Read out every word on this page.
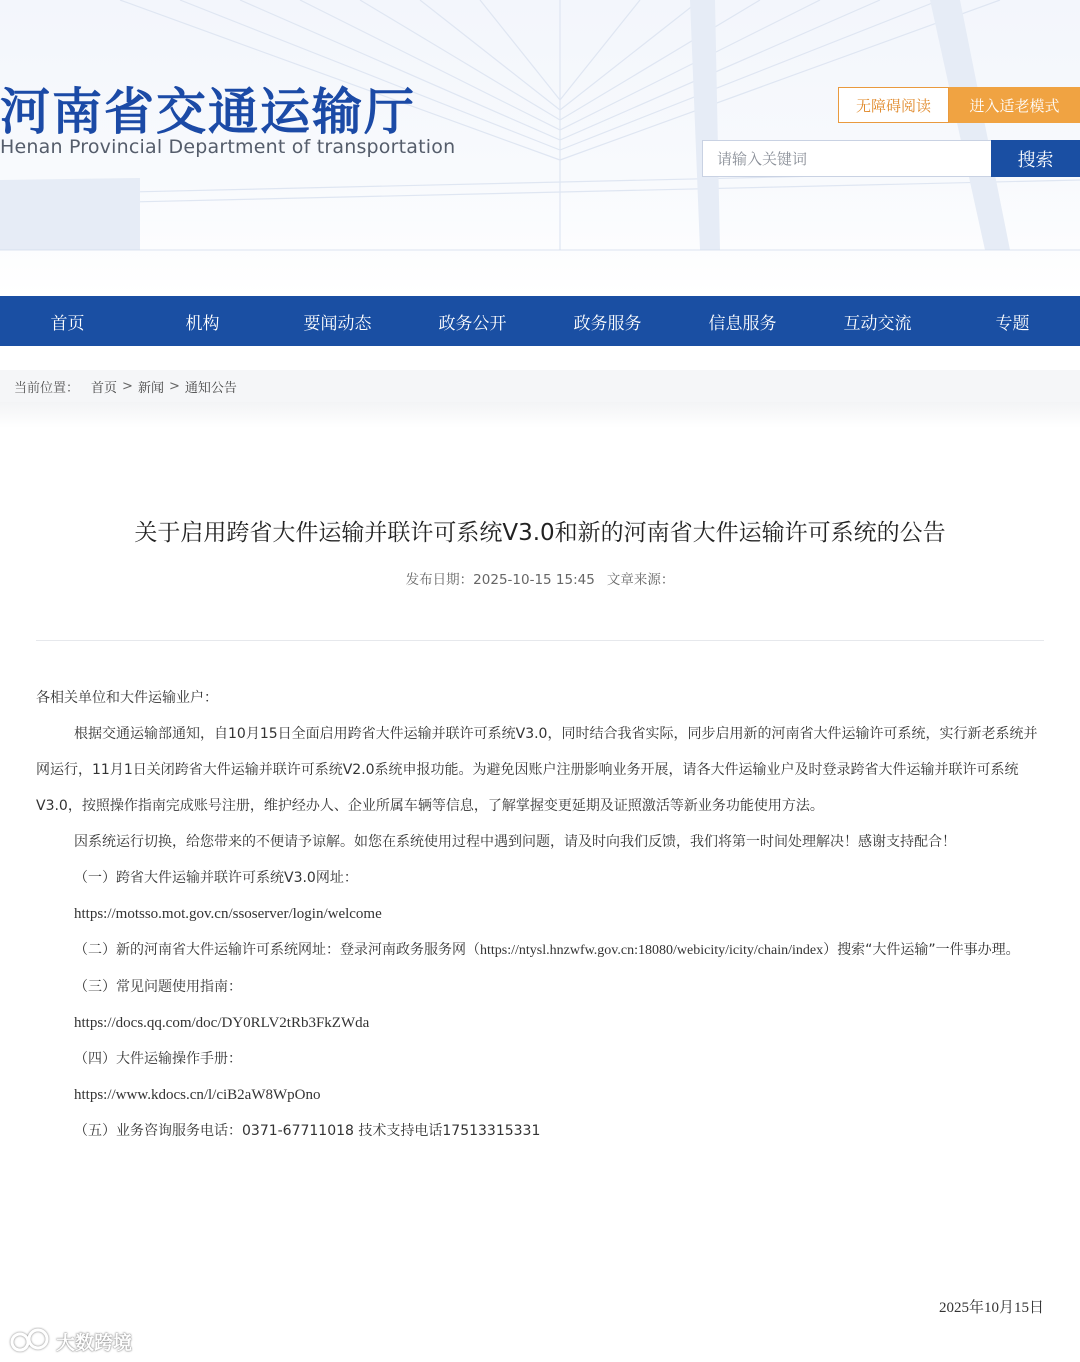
河南省交通运输厅
Henan Provincial Department of transportation
无障碍阅读	进入适老模式
请输入关键词
搜索
首页	机构	要闻动态	政务公开	政务服务	信息服务	互动交流	专题
当前位置： 首页 > 新闻 > 通知公告
关于启用跨省大件运输并联许可系统V3.0和新的河南省大件运输许可系统的公告
发布日期：2025-10-15 15:45 文章来源：

各相关单位和大件运输业户：

根据交通运输部通知，自10月15日全面启用跨省大件运输并联许可系统V3.0，同时结合我省实际，同步启用新的河南省大件运输许可系统，实行新老系统并网运行，11月1日关闭跨省大件运输并联许可系统V2.0系统申报功能。为避免因账户注册影响业务开展，请各大件运输业户及时登录跨省大件运输并联许可系统V3.0，按照操作指南完成账号注册，维护经办人、企业所属车辆等信息，了解掌握变更延期及证照激活等新业务功能使用方法。

因系统运行切换，给您带来的不便请予谅解。如您在系统使用过程中遇到问题，请及时向我们反馈，我们将第一时间处理解决！感谢支持配合！

（一）跨省大件运输并联许可系统V3.0网址：

https://motsso.mot.gov.cn/ssoserver/login/welcome

（二）新的河南省大件运输许可系统网址：登录河南政务服务网（https://ntysl.hnzwfw.gov.cn:18080/webicity/icity/chain/index）搜索“大件运输”一件事办理。

（三）常见问题使用指南：

https://docs.qq.com/doc/DY0RLV2tRb3FkZWda

（四）大件运输操作手册：

https://www.kdocs.cn/l/ciB2aW8WpOno

（五）业务咨询服务电话：0371-67711018 技术支持电话17513315331

2025年10月15日
大数跨境
